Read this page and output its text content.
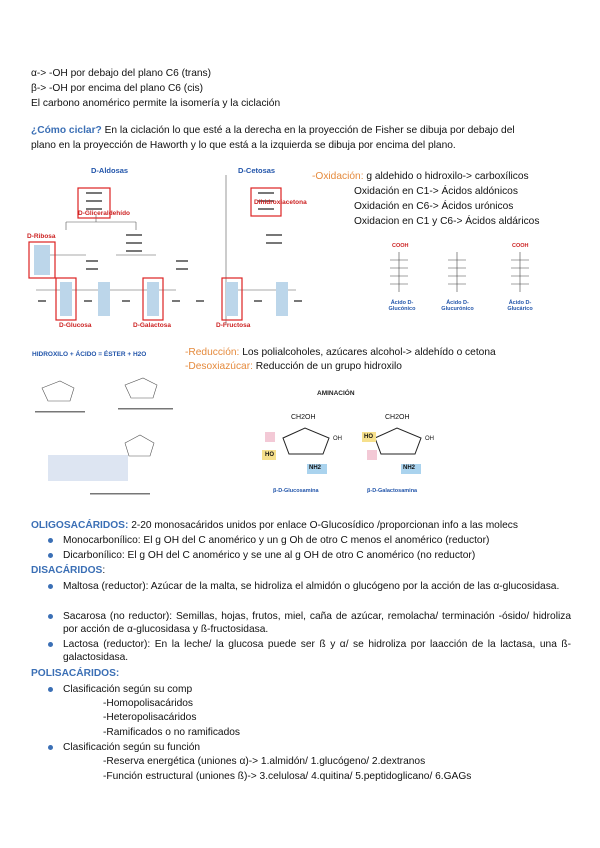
α-> -OH por debajo del plano C6 (trans)
β-> -OH por encima del plano C6 (cis)
El carbono anomérico permite la isomería y la ciclación
¿Cómo ciclar? En la ciclación lo que esté a la derecha en la proyección de Fisher se dibuja por debajo del
plano en la proyección de Haworth y lo que está a la izquierda se dibuja por encima del plano.
D-Aldosas	D-Cetosas
D-Gliceraldehído
Dihidroxiacetona
D-Ribosa
D-Glucosa	D-Galactosa	D-Fructosa
-Oxidación: g aldehido o hidroxilo-> carboxílicos
Oxidación en C1-> Ácidos aldónicos
Oxidación en C6-> Ácidos urónicos
Oxidacion en C1 y C6-> Ácidos aldáricos
COOH	COOH
Ácido D-Glucónico
Ácido D-Glucurónico
Ácido D-Glucárico
-Reducción: Los polialcoholes, azúcares alcohol-> aldehído o cetona
-Desoxiazúcar: Reducción de un grupo hidroxilo
HIDROXILO + ÁCIDO = ÉSTER + H2O
AMINACIÓN
CH2OH	CH2OH
HO
HO
NH2	NH2
OH	OH
β-D-Glucosamina	β-D-Galactosamina
OLIGOSACÁRIDOS: 2-20 monosacáridos unidos por enlace O-Glucosídico /proporcionan info a las molecs
Monocarbonílico: El g OH del C anomérico y un g Oh de otro C menos el anomérico (reductor)
Dicarbonílico: El g OH del C anomérico y se une al g OH de otro C anomérico (no reductor)
DISACÁRIDOS:
Maltosa (reductor): Azúcar de la malta, se hidroliza el almidón o glucógeno por la acción de las α-glucosidasa.
Sacarosa (no reductor): Semillas, hojas, frutos, miel, caña de azúcar, remolacha/ terminación -ósido/ hidroliza por acción de α-glucosidasa y ß-fructosidasa.
Lactosa (reductor): En la leche/ la glucosa puede ser ß y α/ se hidroliza por laacción de la lactasa, una ß-galactosidasa.
POLISACÁRIDOS:
Clasificación según su comp
-Homopolisacáridos
-Heteropolisacáridos
-Ramificados o no ramificados
Clasificación según su función
-Reserva energética (uniones α)-> 1.almidón/ 1.glucógeno/ 2.dextranos
-Función estructural (uniones ß)-> 3.celulosa/ 4.quitina/ 5.peptidoglicano/ 6.GAGs
